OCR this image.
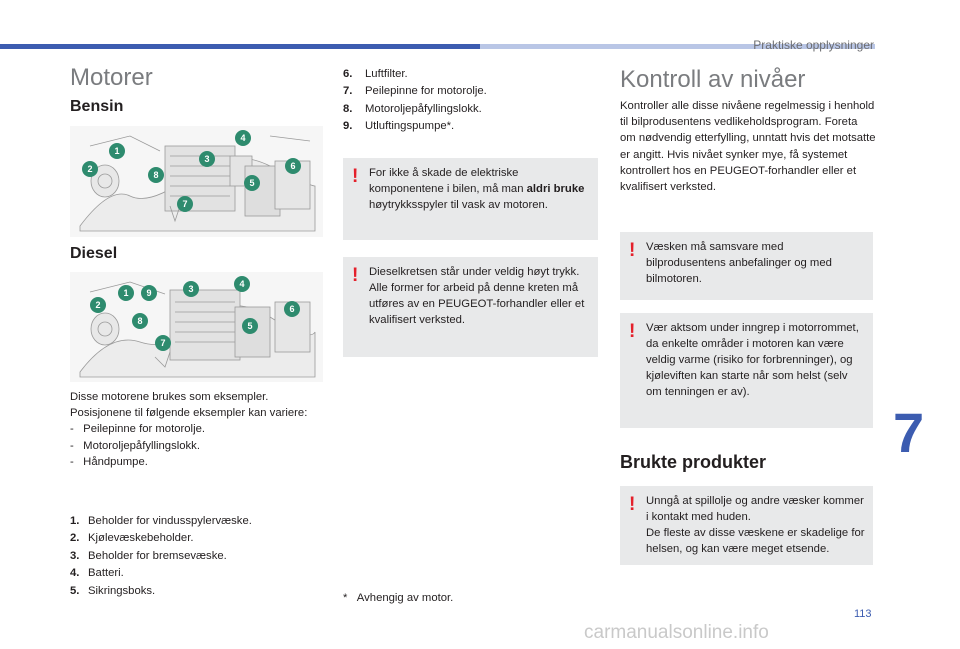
Praktiske opplysninger
Motorer
Bensin
1
2
3
4
5
6
7
8
Diesel
1
2
3	4
5
6
7
8
9

Disse motorene brukes som eksempler.

Posisjonene til følgende eksempler kan variere:

-   Peilepinne for motorolje.

-   Motoroljepåfyllingslokk.

-   Håndpumpe.

1. Beholder for vindusspylervæske.
2. Kjølevæskebeholder.
3. Beholder for bremsevæske.
4. Batteri.
5. Sikringsboks.
6. Luftfilter.
7. Peilepinne for motorolje.
8. Motoroljepåfyllingslokk.
9. Utluftingspumpe*.
! For ikke å skade de elektriske komponentene i bilen, må man aldri bruke høytrykksspyler til vask av motoren.
! Dieselkretsen står under veldig høyt trykk. Alle former for arbeid på denne kreten må utføres av en PEUGEOT-forhandler eller et kvalifisert verksted.
*   Avhengig av motor.
Kontroll av nivåer

Kontroller alle disse nivåene regelmessig i henhold til bilprodusentens vedlikeholdsprogram. Foreta om nødvendig etterfylling, unntatt hvis det motsatte er angitt. Hvis nivået synker mye, få systemet kontrollert hos en PEUGEOT-forhandler eller et kvalifisert verksted.

! Væsken må samsvare med bilprodusentens anbefalinger og med bilmotoren.
! Vær aktsom under inngrep i motorrommet, da enkelte områder i motoren kan være veldig varme (risiko for forbrenninger), og kjøleviften kan starte når som helst (selv om tenningen er av).
Brukte produkter
! Unngå at spillolje og andre væsker kommer i kontakt med huden.
De fleste av disse væskene er skadelige for helsen, og kan være meget etsende.
7
113
carmanualsonline.info
